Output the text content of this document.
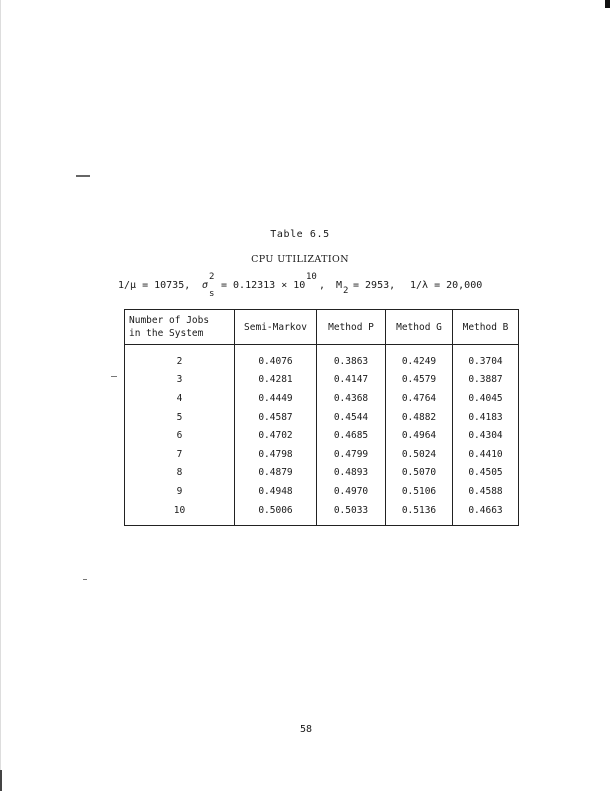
Table 6.5
CPU UTILIZATION
1/μ = 10735, σ
2
s
= 0.12313 × 10
10
, M 2 = 2953, 1/λ = 20,000
Number of Jobs
in the System	Semi-Markov	Method P	Method G	Method B
2	0.4076	0.3863	0.4249	0.3704
3	0.4281	0.4147	0.4579	0.3887
4	0.4449	0.4368	0.4764	0.4045
5	0.4587	0.4544	0.4882	0.4183
6	0.4702	0.4685	0.4964	0.4304
7	0.4798	0.4799	0.5024	0.4410
8	0.4879	0.4893	0.5070	0.4505
9	0.4948	0.4970	0.5106	0.4588
10	0.5006	0.5033	0.5136	0.4663
58
